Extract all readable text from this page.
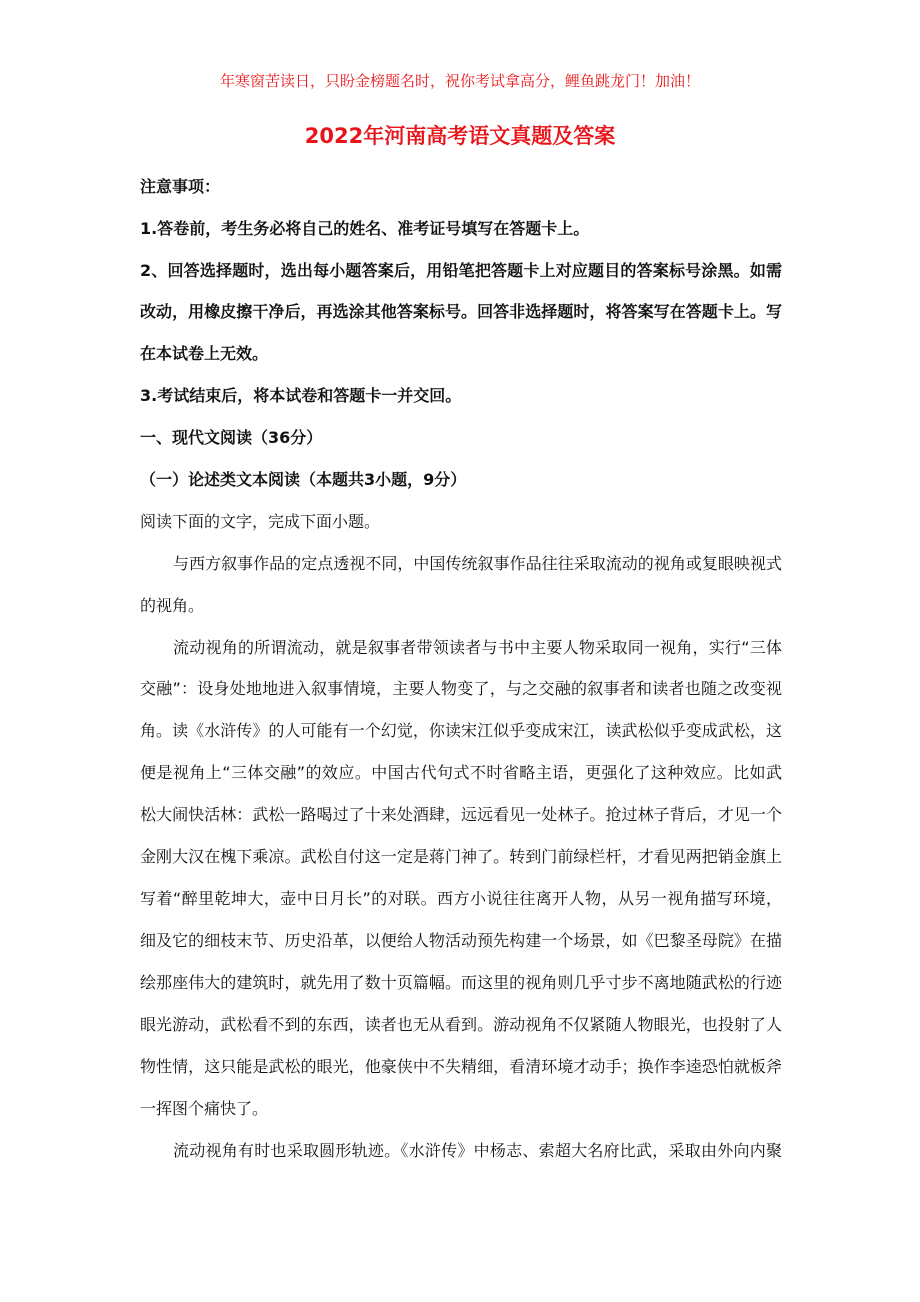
年寒窗苦读日，只盼金榜题名时，祝你考试拿高分，鲤鱼跳龙门！加油！
2022年河南高考语文真题及答案
注意事项：
1.答卷前，考生务必将自己的姓名、准考证号填写在答题卡上。
2、回答选择题时，选出每小题答案后，用铅笔把答题卡上对应题目的答案标号涂黑。如需
改动，用橡皮擦干净后，再选涂其他答案标号。回答非选择题时，将答案写在答题卡上。写
在本试卷上无效。
3.考试结束后，将本试卷和答题卡一并交回。
一、现代文阅读（36分）
（一）论述类文本阅读（本题共3小题，9分）
阅读下面的文字，完成下面小题。
与西方叙事作品的定点透视不同，中国传统叙事作品往往采取流动的视角或复眼映视式
的视角。
流动视角的所谓流动，就是叙事者带领读者与书中主要人物采取同一视角，实行“三体
交融”：设身处地地进入叙事情境，主要人物变了，与之交融的叙事者和读者也随之改变视
角。读《水浒传》的人可能有一个幻觉，你读宋江似乎变成宋江，读武松似乎变成武松，这
便是视角上“三体交融”的效应。中国古代句式不时省略主语，更强化了这种效应。比如武
松大闹快活林：武松一路喝过了十来处酒肆，远远看见一处林子。抢过林子背后，才见一个
金刚大汉在槐下乘凉。武松自付这一定是蒋门神了。转到门前绿栏杆，才看见两把销金旗上
写着“醉里乾坤大，壶中日月长”的对联。西方小说往往离开人物，从另一视角描写环境，
细及它的细枝末节、历史沿革，以便给人物活动预先构建一个场景，如《巴黎圣母院》在描
绘那座伟大的建筑时，就先用了数十页篇幅。而这里的视角则几乎寸步不离地随武松的行迹
眼光游动，武松看不到的东西，读者也无从看到。游动视角不仅紧随人物眼光，也投射了人
物性情，这只能是武松的眼光，他豪侠中不失精细，看清环境才动手；换作李逵恐怕就板斧
一挥图个痛快了。
流动视角有时也采取圆形轨迹。《水浒传》中杨志、索超大名府比武，采取由外向内聚
